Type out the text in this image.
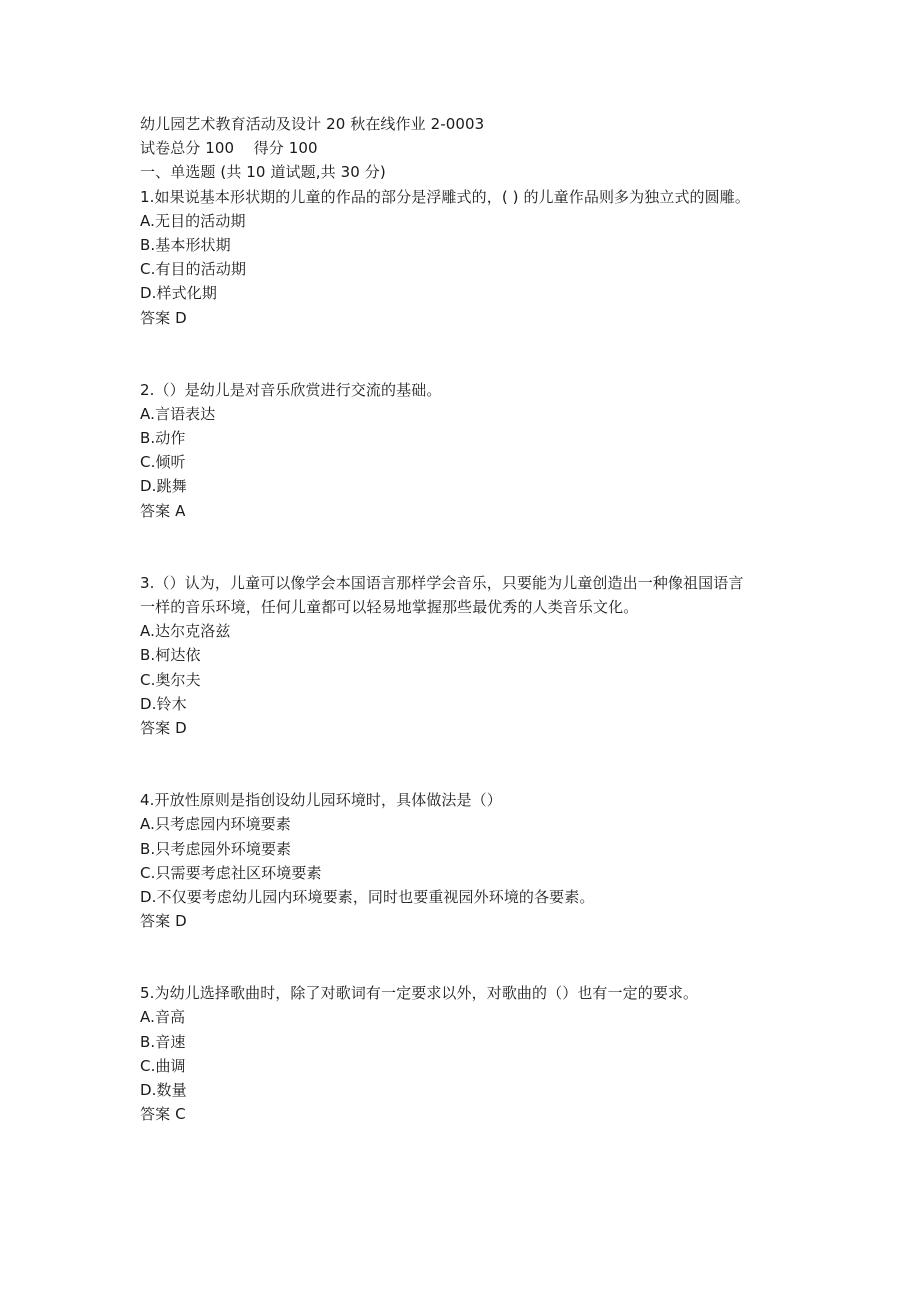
幼儿园艺术教育活动及设计 20 秋在线作业 2-0003
试卷总分 100    得分 100
一、单选题 (共 10 道试题,共 30 分)
1.如果说基本形状期的儿童的作品的部分是浮雕式的，( ) 的儿童作品则多为独立式的圆雕。
A.无目的活动期
B.基本形状期
C.有目的活动期
D.样式化期
答案 D
2.（）是幼儿是对音乐欣赏进行交流的基础。
A.言语表达
B.动作
C.倾听
D.跳舞
答案 A
3.（）认为，儿童可以像学会本国语言那样学会音乐，只要能为儿童创造出一种像祖国语言
一样的音乐环境，任何儿童都可以轻易地掌握那些最优秀的人类音乐文化。
A.达尔克洛兹
B.柯达依
C.奥尔夫
D.铃木
答案 D
4.开放性原则是指创设幼儿园环境时，具体做法是（）
A.只考虑园内环境要素
B.只考虑园外环境要素
C.只需要考虑社区环境要素
D.不仅要考虑幼儿园内环境要素，同时也要重视园外环境的各要素。
答案 D
5.为幼儿选择歌曲时，除了对歌词有一定要求以外，对歌曲的（）也有一定的要求。
A.音高
B.音速
C.曲调
D.数量
答案 C
